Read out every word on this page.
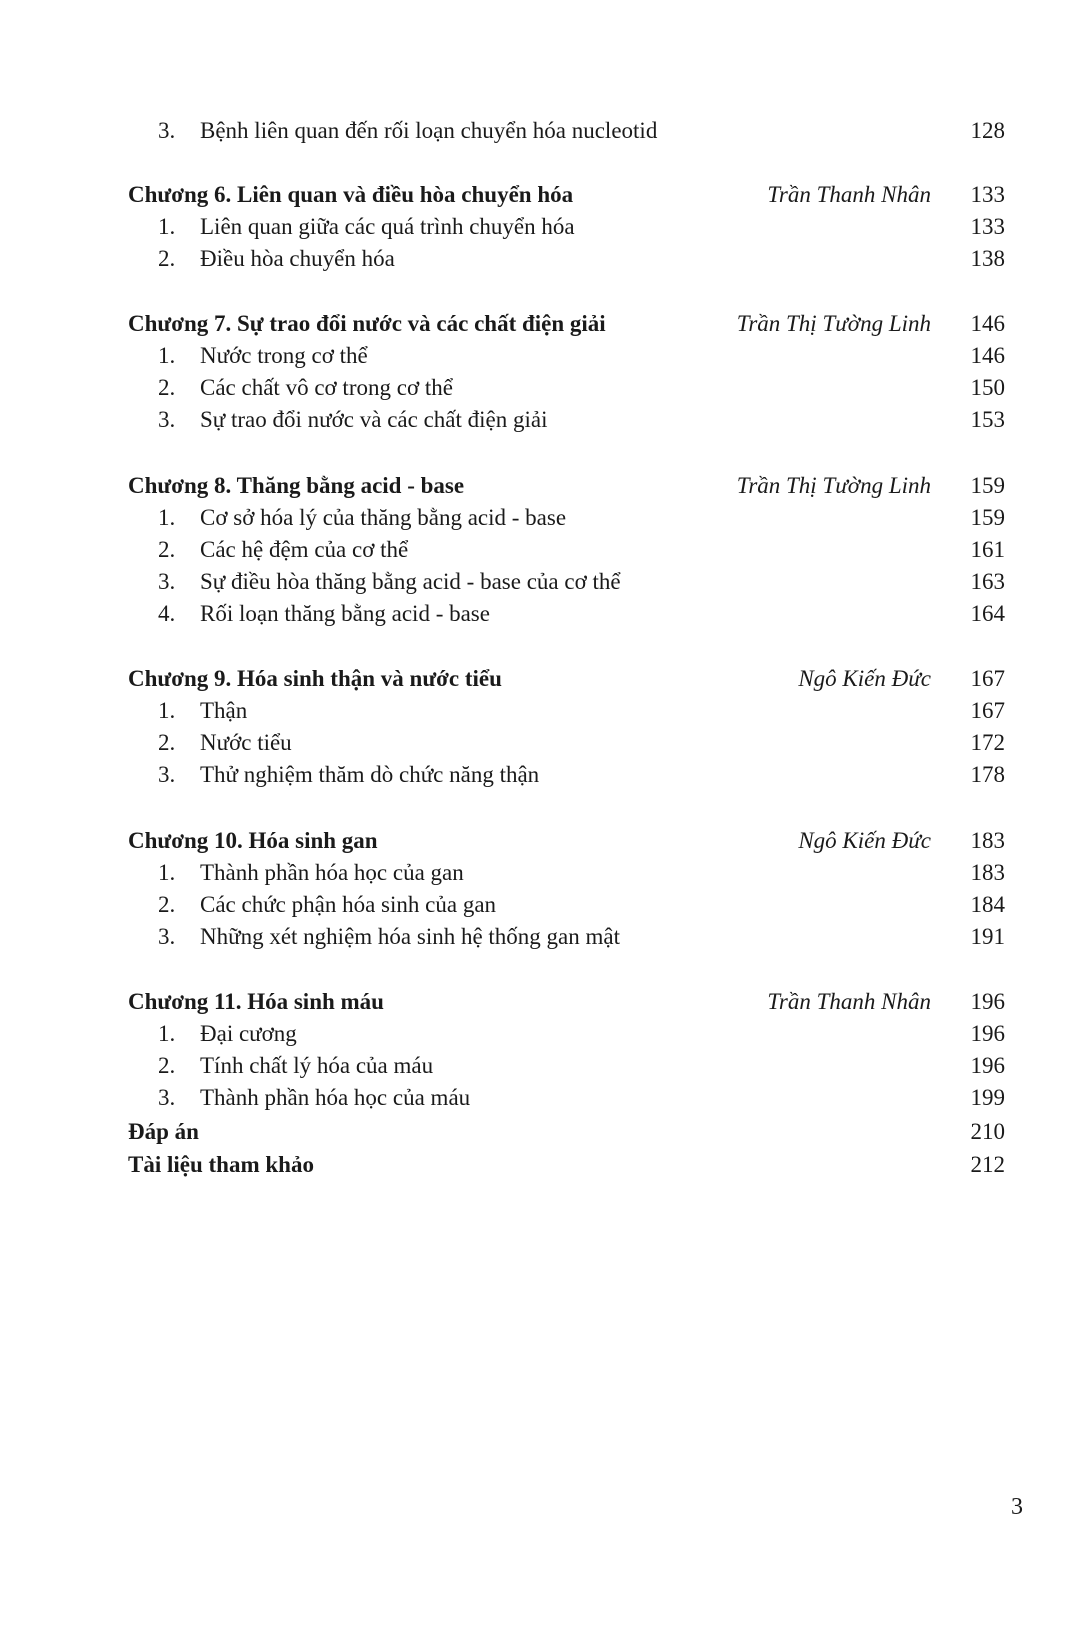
3. Bệnh liên quan đến rối loạn chuyển hóa nucleotid	128
Chương 6. Liên quan và điều hòa chuyển hóa	Trần Thanh Nhân 133
1. Liên quan giữa các quá trình chuyển hóa	133
2. Điều hòa chuyển hóa	138
Chương 7. Sự trao đổi nước và các chất điện giải	Trần Thị Tường Linh 146
1. Nước trong cơ thể	146
2. Các chất vô cơ trong cơ thể	150
3. Sự trao đổi nước và các chất điện giải	153
Chương 8. Thăng bằng acid - base	Trần Thị Tường Linh 159
1. Cơ sở hóa lý của thăng bằng acid - base	159
2. Các hệ đệm của cơ thể	161
3. Sự điều hòa thăng bằng acid - base của cơ thể	163
4. Rối loạn thăng bằng acid - base	164
Chương 9. Hóa sinh thận và nước tiểu	Ngô Kiến Đức 167
1. Thận	167
2. Nước tiểu	172
3. Thử nghiệm thăm dò chức năng thận	178
Chương 10. Hóa sinh gan	Ngô Kiến Đức 183
1. Thành phần hóa học của gan	183
2. Các chức phận hóa sinh của gan	184
3. Những xét nghiệm hóa sinh hệ thống gan mật	191
Chương 11. Hóa sinh máu	Trần Thanh Nhân 196
1. Đại cương	196
2. Tính chất lý hóa của máu	196
3. Thành phần hóa học của máu	199
Đáp án	210
Tài liệu tham khảo	212
3
